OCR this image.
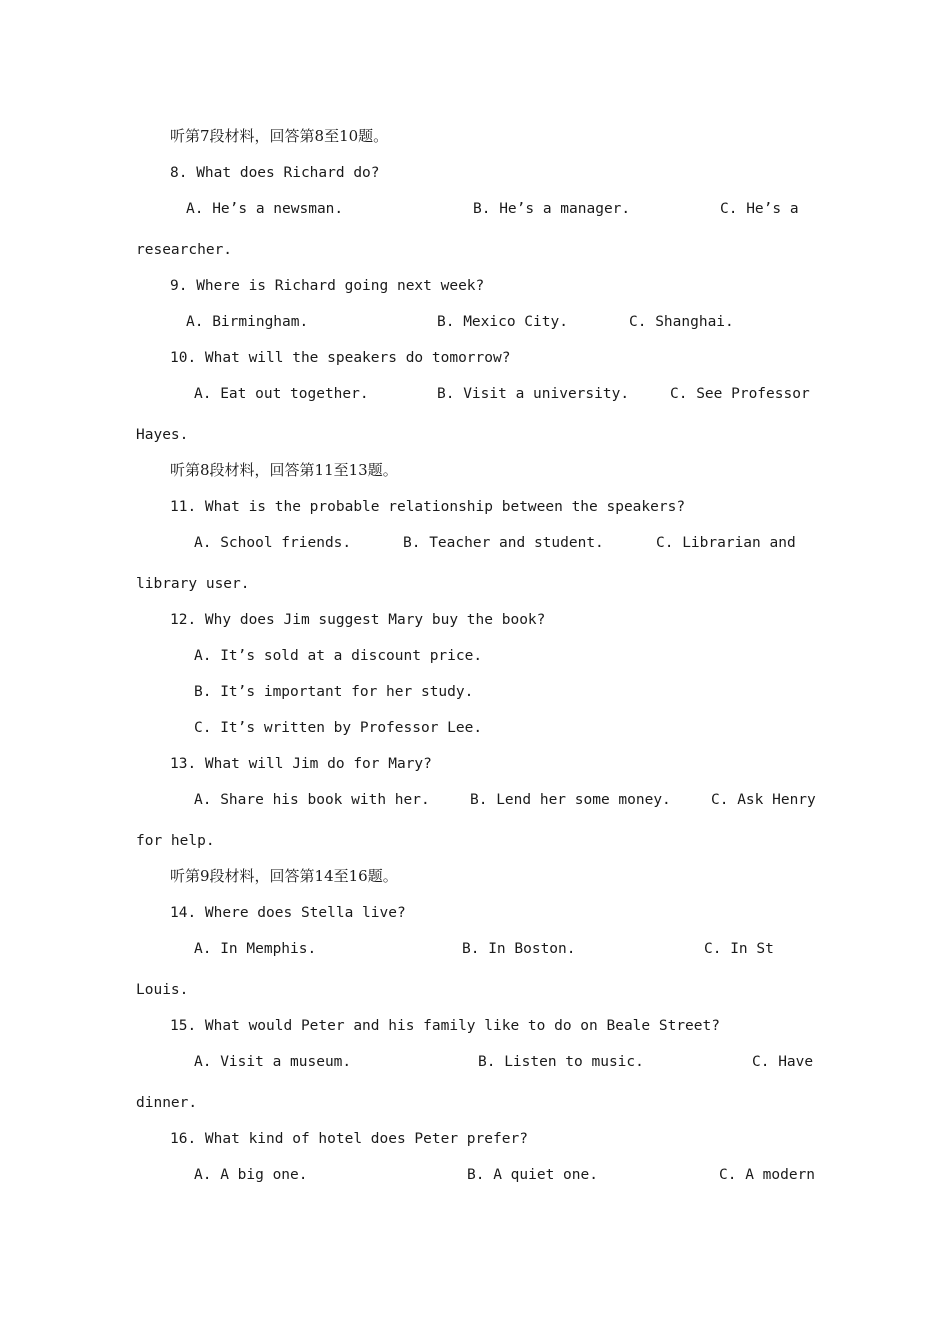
听第7段材料，回答第8至10题。
8. What does Richard do?
A. He’s a newsman.	B. He’s a manager.	C. He’s a
researcher.
9. Where is Richard going next week?
A. Birmingham.	B. Mexico City.	C. Shanghai.
10. What will the speakers do tomorrow?
A. Eat out together.	B. Visit a university.	C. See Professor
Hayes.
听第8段材料，回答第11至13题。
11. What is the probable relationship between the speakers?
A. School friends.	B. Teacher and student.	C. Librarian and
library user.
12. Why does Jim suggest Mary buy the book?
A. It’s sold at a discount price.
B. It’s important for her study.
C. It’s written by Professor Lee.
13. What will Jim do for Mary?
A. Share his book with her.	B. Lend her some money.	C. Ask Henry
for help.
听第9段材料，回答第14至16题。
14. Where does Stella live?
A. In Memphis.	B. In Boston.	C. In St
Louis.
15. What would Peter and his family like to do on Beale Street?
A. Visit a museum.	B. Listen to music.	C. Have
dinner.
16. What kind of hotel does Peter prefer?
A. A big one.	B. A quiet one.	C. A modern
